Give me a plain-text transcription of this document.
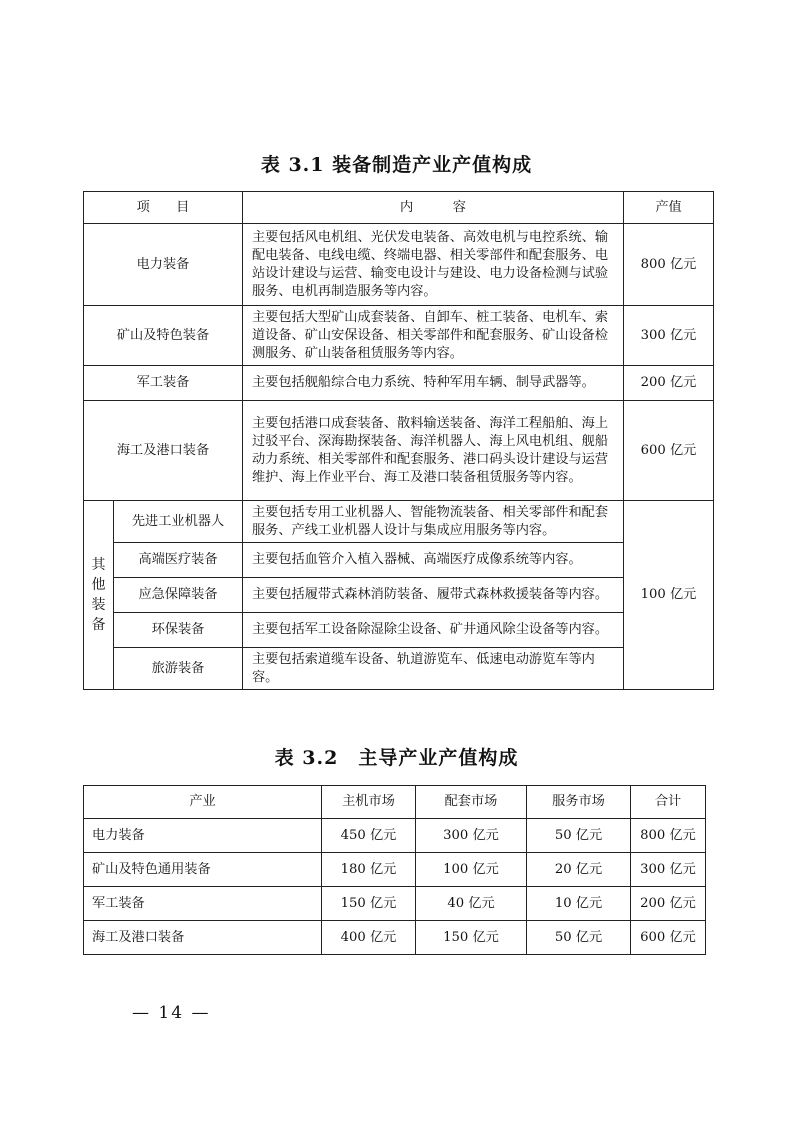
表 3.1 装备制造产业产值构成
项　　目		内　　　容	产值
电力装备		主要包括风电机组、光伏发电装备、高效电机与电控系统、输配电装备、电线电缆、终端电器、相关零部件和配套服务、电站设计建设与运营、输变电设计与建设、电力设备检测与试验服务、电机再制造服务等内容。	800 亿元
矿山及特色装备		主要包括大型矿山成套装备、自卸车、桩工装备、电机车、索道设备、矿山安保设备、相关零部件和配套服务、矿山设备检测服务、矿山装备租赁服务等内容。	300 亿元
军工装备		主要包括舰船综合电力系统、特种军用车辆、制导武器等。	200 亿元
海工及港口装备		主要包括港口成套装备、散料输送装备、海洋工程船舶、海上过驳平台、深海勘探装备、海洋机器人、海上风电机组、舰船动力系统、相关零部件和配套服务、港口码头设计建设与运营维护、海上作业平台、海工及港口装备租赁服务等内容。	600 亿元
其他装备	先进工业机器人	主要包括专用工业机器人、智能物流装备、相关零部件和配套服务、产线工业机器人设计与集成应用服务等内容。	100 亿元
	高端医疗装备	主要包括血管介入植入器械、高端医疗成像系统等内容。	
	应急保障装备	主要包括履带式森林消防装备、履带式森林救援装备等内容。	
	环保装备	主要包括军工设备除湿除尘设备、矿井通风除尘设备等内容。	
	旅游装备	主要包括索道缆车设备、轨道游览车、低速电动游览车等内容。	
表 3.2　主导产业产值构成
产业	主机市场	配套市场	服务市场	合计
电力装备	450 亿元	300 亿元	50 亿元	800 亿元
矿山及特色通用装备	180 亿元	100 亿元	20 亿元	300 亿元
军工装备	150 亿元	40 亿元	10 亿元	200 亿元
海工及港口装备	400 亿元	150 亿元	50 亿元	600 亿元
— 14 —
